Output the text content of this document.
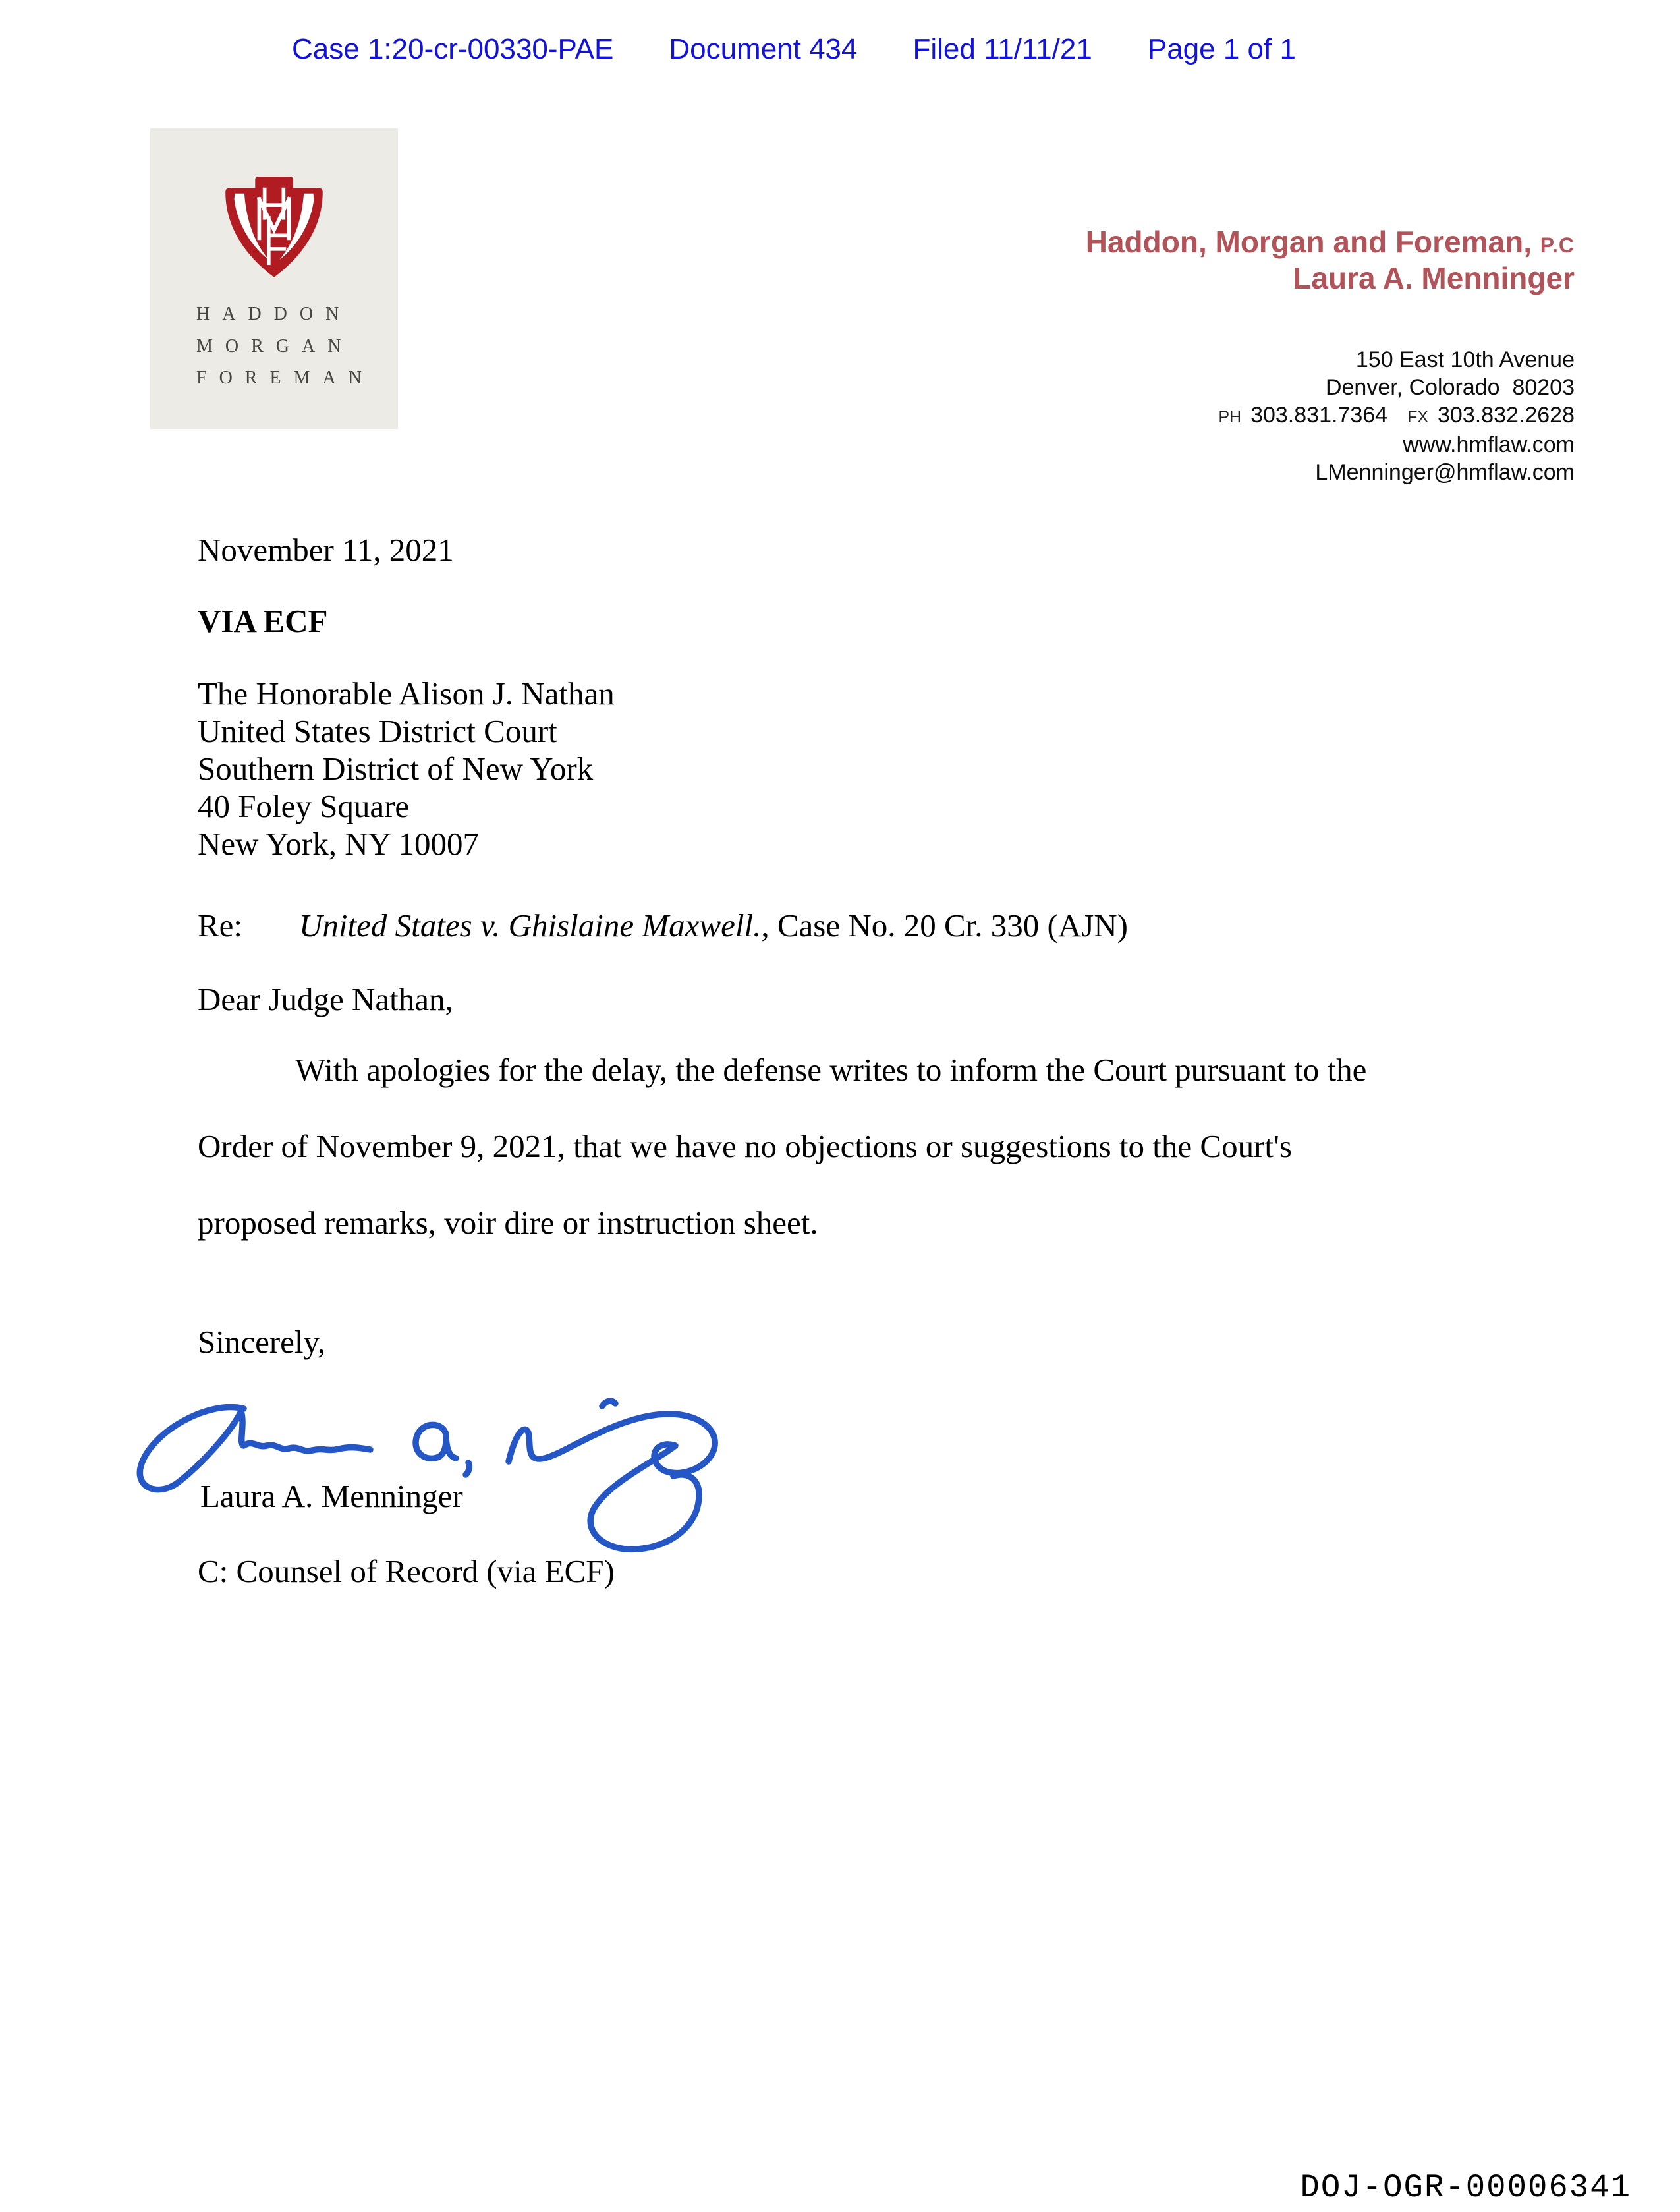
Case 1:20-cr-00330-PAE Document 434 Filed 11/11/21 Page 1 of 1
HADDON
MORGAN
FOREMAN
Haddon, Morgan and Foreman, P.C
Laura A. Menninger
150 East 10th Avenue
Denver, Colorado  80203
PH 303.831.7364 FX 303.832.2628
www.hmflaw.com
LMenninger@hmflaw.com
November 11, 2021
VIA ECF
The Honorable Alison J. Nathan
United States District Court
Southern District of New York
40 Foley Square
New York, NY 10007
Re: United States v. Ghislaine Maxwell., Case No. 20 Cr. 330 (AJN)
Dear Judge Nathan,
With apologies for the delay, the defense writes to inform the Court pursuant to the
Order of November 9, 2021, that we have no objections or suggestions to the Court's
proposed remarks, voir dire or instruction sheet.
Sincerely,
Laura A. Menninger
C: Counsel of Record (via ECF)
DOJ-OGR-00006341
